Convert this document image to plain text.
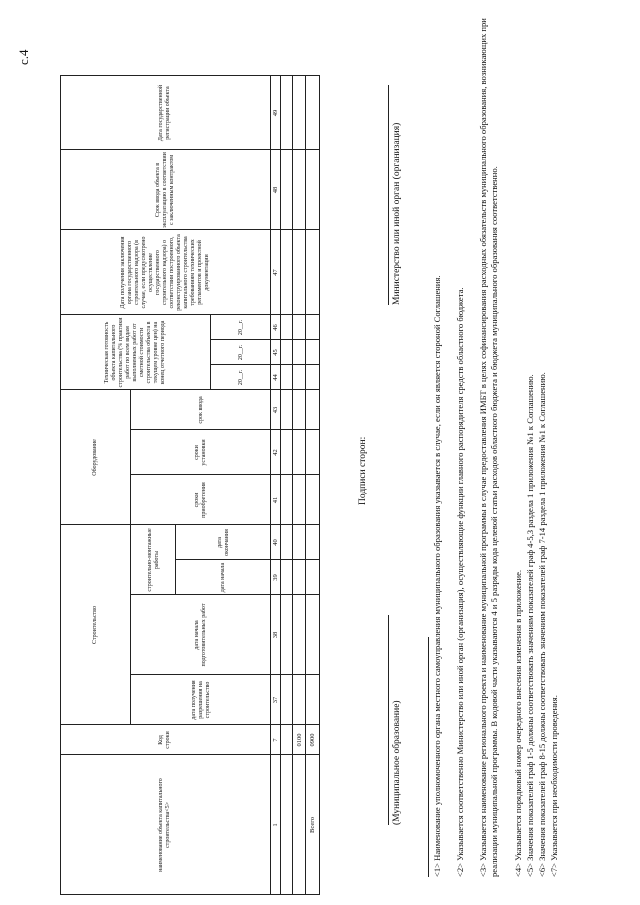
с.4
наименование объекта капитального строительства<5>
Код строки
Строительство
дата получения разрешения на строительство
дата начала подготовительных работ
строительно-монтажные работы
дата начала
дата окончания
Оборудование
сроки приобретения
сроки установки
срок ввода
Техническая готовность объекта капитального строительства (% практики работ по всем видам выполненных работ от сметной стоимости строительства объекта в текущем уровне цен) на конец отчетного периода	20__г.
20__г.
20__г.
Дата получения заключения органа государственного строительного надзора (в случае, если предусмотрено осуществление государственного строительного надзора) о соответствии построенного, реконструированного объекта капитального строительства требованиям технических регламентов и проектной документации
Срок ввода объекта в эксплуатацию в соответствии с заключенным контрактом
Дата государственной регистрации объекта
1
7
37
38
39
40
41
42
43
44
45
46
47
48
49
0100
Всего
0900
Подписи сторон:
(Муниципальное образование)
Министерство или иной орган (организация)
<1> Наименование уполномоченного органа местного самоуправления муниципального образования указывается в случае, если он является стороной Соглашения. <2> Указывается соответственно Министерство или иной орган (организация), осуществляющие функции главного распорядителя средств областного бюджета. <3> Указывается наименование регионального проекта и наименование муниципальной программы в случае предоставления ИМБТ в целях софинансирования расходных обязательств муниципального образования, возникающих при реализации муниципальной программы. В кодовой части указываются 4 и 5 разряды кода целевой статьи расходов областного бюджета и бюджета муниципального образования соответственно. <4> Указывается порядковый номер очередного внесения изменения в приложение. <5> Значения показателей граф 1-5 должны соответствовать значениям показателей граф 4-5,3 раздела 1 приложения №1 к Соглашению. <6> Значения показателей граф 8-15 должны соответствовать значениям показателей граф 7-14 раздела 1 приложения №1 к Соглашению. <7> Указывается при необходимости проведения.
